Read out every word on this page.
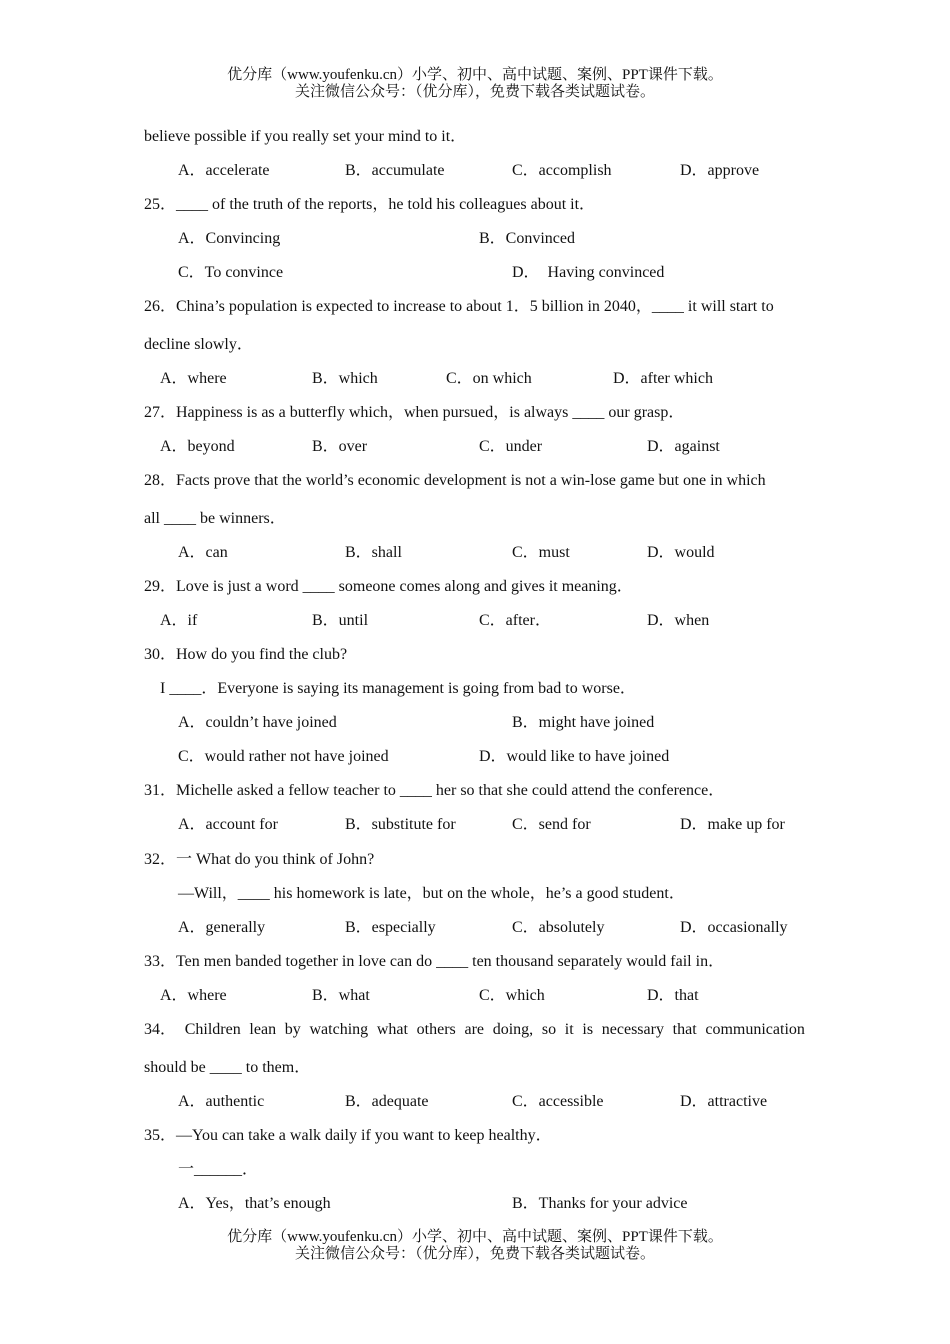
优分库（www.youfenku.cn）小学、初中、高中试题、案例、PPT课件下载。
关注微信公众号：（优分库），免费下载各类试题试卷。
believe possible if you really set your mind to it．
A．accelerate	B．accumulate	C．accomplish	D．approve
25．____ of the truth of the reports，he told his colleagues about it．
A．Convincing	B．Convinced
C．To convince	D．  Having convinced
26．China’s population is expected to increase to about 1．5 billion in 2040，____ it will start to
decline slowly．
A．where	B．which	C．on which	D．after which
27．Happiness is as a butterfly which，when pursued，is always ____ our grasp．
A．beyond	B．over	C．under	D．against
28．Facts prove that the world’s economic development is not a win-lose game but one in which
all ____ be winners．
A．can	B．shall	C．must	D．would
29．Love is just a word ____ someone comes along and gives it meaning．
A．if	B．until	C．after．	D．when
30．How do you find the club?
I ____．Everyone is saying its management is going from bad to worse．
A．couldn’t have joined	B．might have joined
C．would rather not have joined	D．would like to have joined
31．Michelle asked a fellow teacher to ____ her so that she could attend the conference．
A．account for	B．substitute for	C．send for	D．make up for
32．一 What do you think of John?
—Will，____ his homework is late，but on the whole，he’s a good student．
A．generally	B．especially	C．absolutely	D．occasionally
33．Ten men banded together in love can do ____ ten thousand separately would fail in．
A．where	B．what	C．which	D．that
34． Children lean by watching what others are doing, so it is necessary that communication
should be ____ to them．
A．authentic	B．adequate	C．accessible	D．attractive
35．—You can take a walk daily if you want to keep healthy．
一______．
A．Yes，that’s enough	B．Thanks for your advice
优分库（www.youfenku.cn）小学、初中、高中试题、案例、PPT课件下载。
关注微信公众号：（优分库），免费下载各类试题试卷。
